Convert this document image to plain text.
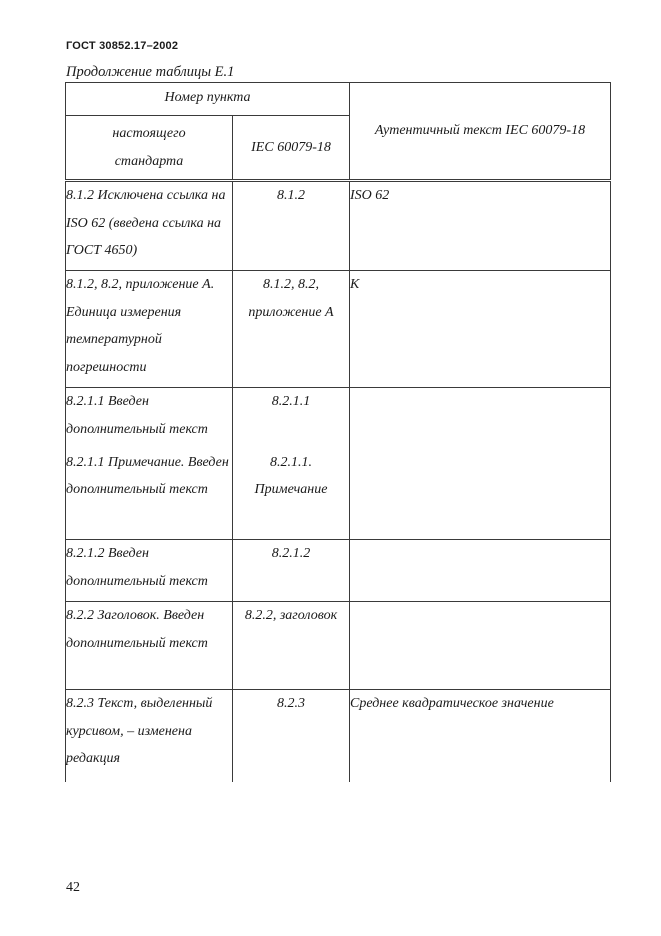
ГОСТ 30852.17–2002
Продолжение таблицы Е.1
Номер пункта		Аутентичный текст IEC 60079-18
настоящего стандарта	IEC 60079-18	
8.1.2 Исключена ссылка на ISO 62 (введена ссылка на ГОСТ 4650)	8.1.2	ISO 62
8.1.2, 8.2, приложение А. Единица измерения температурной погрешности	8.1.2, 8.2, приложение А	К
8.2.1.1 Введен дополнительный текст	8.2.1.1	
8.2.1.1 Примечание. Введен дополнительный текст	8.2.1.1. Примечание	
8.2.1.2 Введен дополнительный текст	8.2.1.2	
8.2.2 Заголовок. Введен дополнительный текст	8.2.2, заголовок	
8.2.3 Текст, выделенный курсивом, – изменена редакция	8.2.3	Среднее квадратическое значение
42
